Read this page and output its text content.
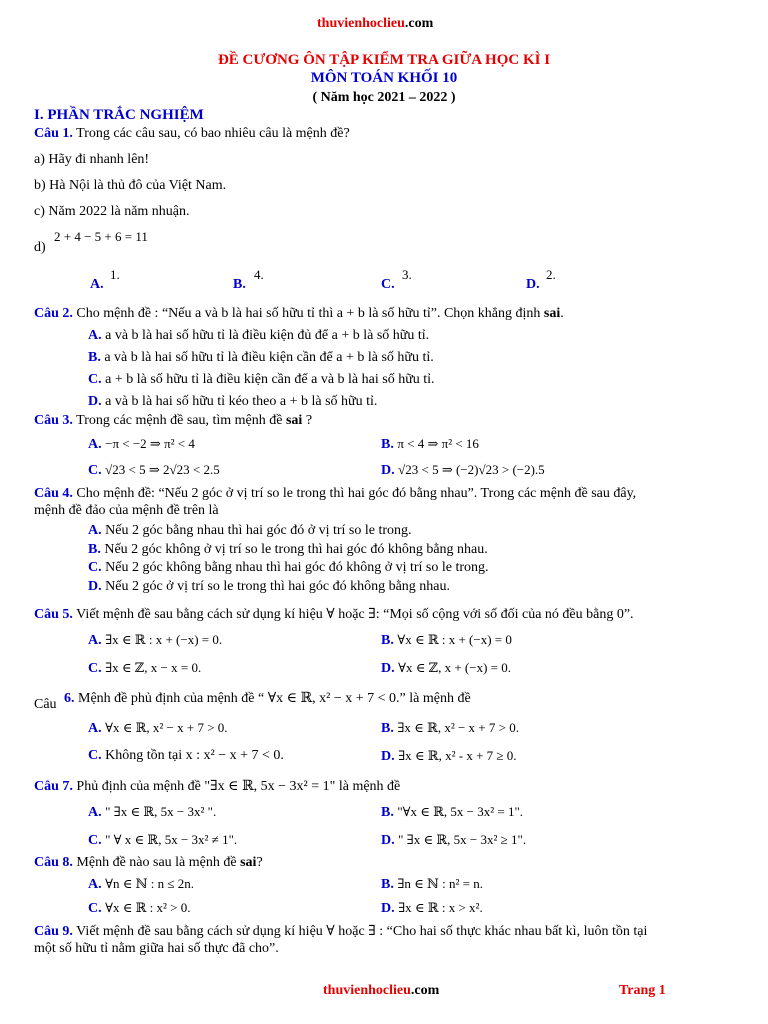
thuvienhoclieu.com
ĐỀ CƯƠNG ÔN TẬP KIỂM TRA GIỮA HỌC KÌ I
MÔN TOÁN KHỐI 10
( Năm học 2021 – 2022 )
I. PHẦN TRẮC NGHIỆM
Câu 1. Trong các câu sau, có bao nhiêu câu là mệnh đề?
a) Hãy đi nhanh lên!
b) Hà Nội là thủ đô của Việt Nam.
c) Năm 2022 là năm nhuận.
d)
2 + 4 − 5 + 6 = 11
A.
1.
B.
4.
C.
3.
D.
2.
Câu 2. Cho mệnh đề : “Nếu a và b là hai số hữu tỉ thì a + b là số hữu tỉ”. Chọn khẳng định sai.
A. a và b là hai số hữu tỉ là điều kiện đủ để a + b là số hữu tỉ.
B. a và b là hai số hữu tỉ là điều kiện cần để a + b là số hữu tỉ.
C. a + b là số hữu tỉ là điều kiện cần để a và b là hai số hữu tỉ.
D. a và b là hai số hữu tỉ kéo theo a + b là số hữu tỉ.
Câu 3. Trong các mệnh đề sau, tìm mệnh đề sai ?
A. −π < −2 ⇒ π² < 4	B. π < 4 ⇒ π² < 16
C. √23 < 5 ⇒ 2√23 < 2.5	D. √23 < 5 ⇒ (−2)√23 > (−2).5
Câu 4. Cho mệnh đề: “Nếu 2 góc ở vị trí so le trong thì hai góc đó bằng nhau”. Trong các mệnh đề sau đây,
mệnh đề đảo của mệnh đề trên là
A. Nếu 2 góc bằng nhau thì hai góc đó ở vị trí so le trong.
B. Nếu 2 góc không ở vị trí so le trong thì hai góc đó không bằng nhau.
C. Nếu 2 góc không bằng nhau thì hai góc đó không ở vị trí so le trong.
D. Nếu 2 góc ở vị trí so le trong thì hai góc đó không bằng nhau.
Câu 5. Viết mệnh đề sau bằng cách sử dụng kí hiệu ∀ hoặc ∃: “Mọi số cộng với số đối của nó đều bằng 0”.
A. ∃x ∈ ℝ : x + (−x) = 0.	B. ∀x ∈ ℝ : x + (−x) = 0
C. ∃x ∈ ℤ, x − x = 0.	D. ∀x ∈ ℤ, x + (−x) = 0.
Câu 6. Mệnh đề phủ định của mệnh đề “ ∀x ∈ ℝ, x² − x + 7 < 0.” là mệnh đề
A. ∀x ∈ ℝ, x² − x + 7 > 0.	B. ∃x ∈ ℝ, x² − x + 7 > 0.
C. Không tồn tại x : x² − x + 7 < 0.	D. ∃x ∈ ℝ, x² - x + 7 ≥ 0.
Câu 7. Phủ định của mệnh đề "∃x ∈ ℝ, 5x − 3x² = 1" là mệnh đề
A. " ∃x ∈ ℝ, 5x − 3x² ".	B. "∀x ∈ ℝ, 5x − 3x² = 1".
C. " ∀ x ∈ ℝ, 5x − 3x² ≠ 1".	D. " ∃x ∈ ℝ, 5x − 3x² ≥ 1".
Câu 8. Mệnh đề nào sau là mệnh đề sai?
A. ∀n ∈ ℕ : n ≤ 2n.	B. ∃n ∈ ℕ : n² = n.
C. ∀x ∈ ℝ : x² > 0.	D. ∃x ∈ ℝ : x > x².
Câu 9. Viết mệnh đề sau bằng cách sử dụng kí hiệu ∀ hoặc ∃ : “Cho hai số thực khác nhau bất kì, luôn tồn tại
một số hữu tỉ nằm giữa hai số thực đã cho”.
thuvienhoclieu.com	Trang 1
